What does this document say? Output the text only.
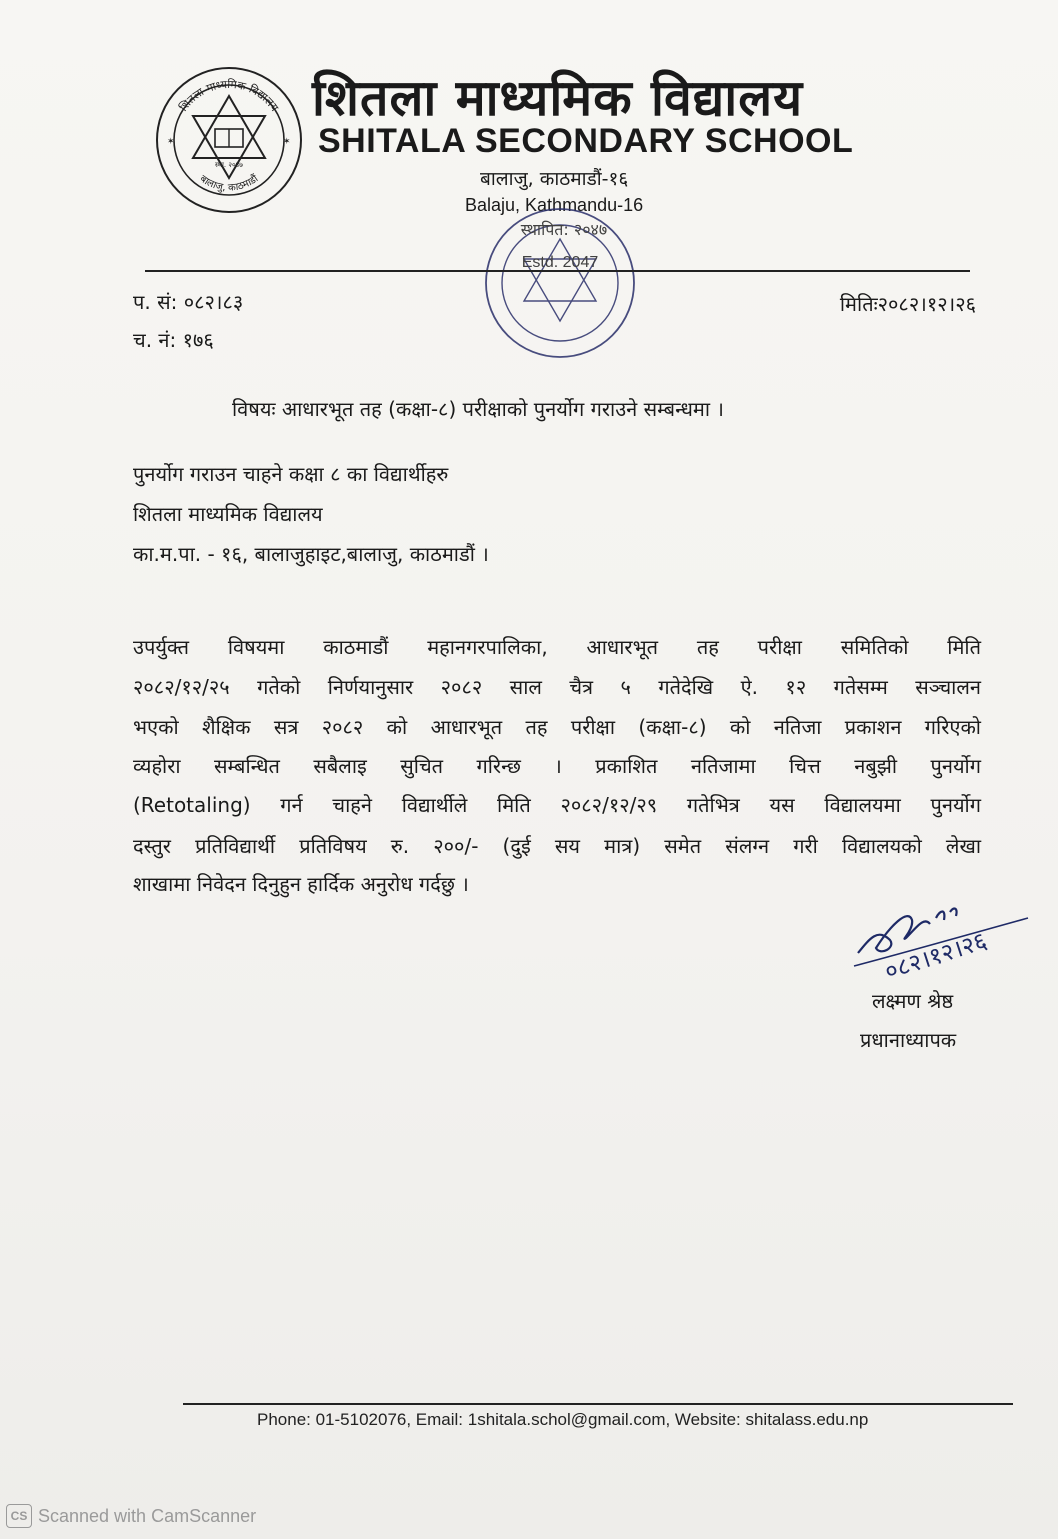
शितला माध्यमिक विद्यालय
बालाजु, काठमाडौं
स्था. २०४७
✶	✶
शितला माध्यमिक विद्यालय
SHITALA SECONDARY SCHOOL
बालाजु, काठमाडौं-१६
Balaju, Kathmandu-16
स्थापित: २०४७
Estd. 2047
प. सं: ०८२।८३
च. नं: १७६
मितिः२०८२।१२।२६
विषयः आधारभूत तह (कक्षा-८) परीक्षाको पुनर्योग गराउने सम्बन्धमा ।
पुनर्योग गराउन चाहने कक्षा ८ का विद्यार्थीहरु
शितला माध्यमिक विद्यालय
का.म.पा. - १६, बालाजुहाइट,बालाजु, काठमाडौं ।
उपर्युक्त विषयमा काठमाडौं महानगरपालिका, आधारभूत तह परीक्षा समितिको मिति
२०८२/१२/२५ गतेको निर्णयानुसार २०८२ साल चैत्र ५ गतेदेखि ऐ. १२ गतेसम्म सञ्चालन
भएको शैक्षिक सत्र २०८२ को आधारभूत तह परीक्षा (कक्षा-८) को नतिजा प्रकाशन गरिएको
व्यहोरा सम्बन्धित सबैलाइ सुचित गरिन्छ । प्रकाशित नतिजामा चित्त नबुझी पुनर्योग
(Retotaling) गर्न चाहने विद्यार्थीले मिति २०८२/१२/२९ गतेभित्र यस विद्यालयमा पुनर्योग
दस्तुर प्रतिविद्यार्थी प्रतिविषय रु. २००/- (दुई सय मात्र) समेत संलग्न गरी विद्यालयको लेखा
शाखामा निवेदन दिनुहुन हार्दिक अनुरोध गर्दछु ।
०८२।१२।२६
लक्ष्मण श्रेष्ठ
प्रधानाध्यापक
Phone: 01-5102076, Email: 1shitala.schol@gmail.com, Website: shitalass.edu.np
CS Scanned with CamScanner
